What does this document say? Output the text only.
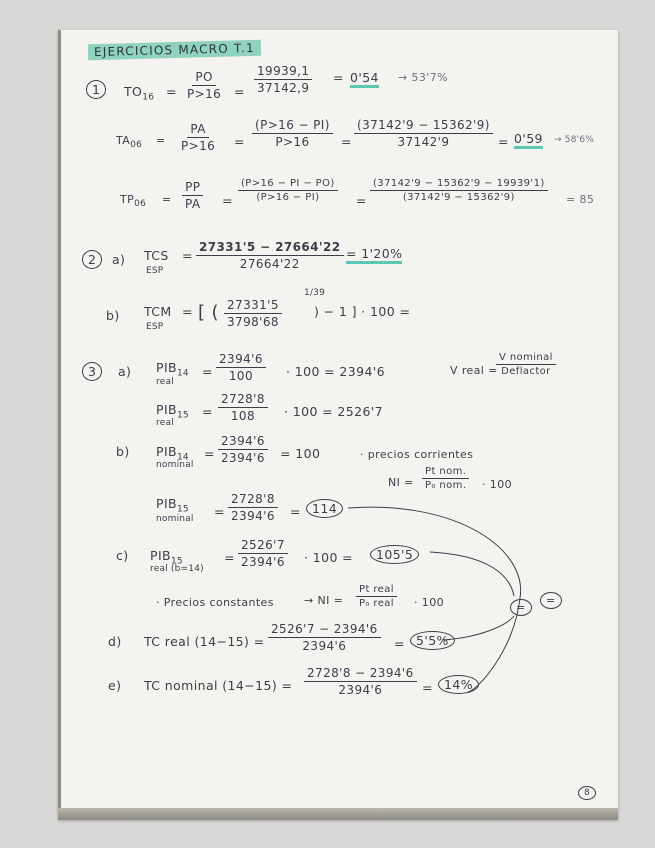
EJERCICIOS MACRO T.1
1	$TO_{16} = \frac{PO}{P>16} = \frac{19939,1}{37142,9} = 0'54 \to 53'7\%$
$TA_{06} = \frac{PA}{P>16} = \frac{(P>16 - PI)}{P>16} = \frac{(37142'9 - 15362'9)}{37142'9} = 0'59 \to 58'6\%$
$TP_{06} = \frac{PP}{PA} = \frac{(P>16 - PI - PO)}{(P>16 - PI)} = \frac{(37142'9 - 15362'9 - 19939'1)}{(37142'9 - 15362'9)} = 85$
2	a) TCS
ESP
= $\frac{27331'5 - 27664'22}{27664'22} = 1'20\%$
b) TCM
ESP
= [ ( $\frac{27331'5}{3798'68}$
1/39
) − 1 ] · 100 =
3	a) $PIB_{14}$
real
= $\frac{2394'6}{100} \cdot 100 = 2394'6$	V real =
V nominal
Deflactor
$PIB_{15}$
real
= $\frac{2728'8}{108} \cdot 100 = 2526'7$
b) $PIB_{14}$
nominal
= $\frac{2394'6}{2394'6} = 100$	· precios corrientes
NI =
Pt nom.
P₀ nom. · 100
$PIB_{15}$
nominal = $\frac{2728'8}{2394'6} = 114$
c) $PIB_{15}$
real (b=14)
= $\frac{2526'7}{2394'6} \cdot 100$ =	105'5
· Precios constantes	→ NI =
Pt real
P₀ real · 100	=
=
d) TC real $(14-15) = \frac{2526'7 - 2394'6}{2394'6} = 5'5\%$
e) TC nominal $(14-15) = \frac{2728'8 - 2394'6}{2394'6} = 14\%$
8
